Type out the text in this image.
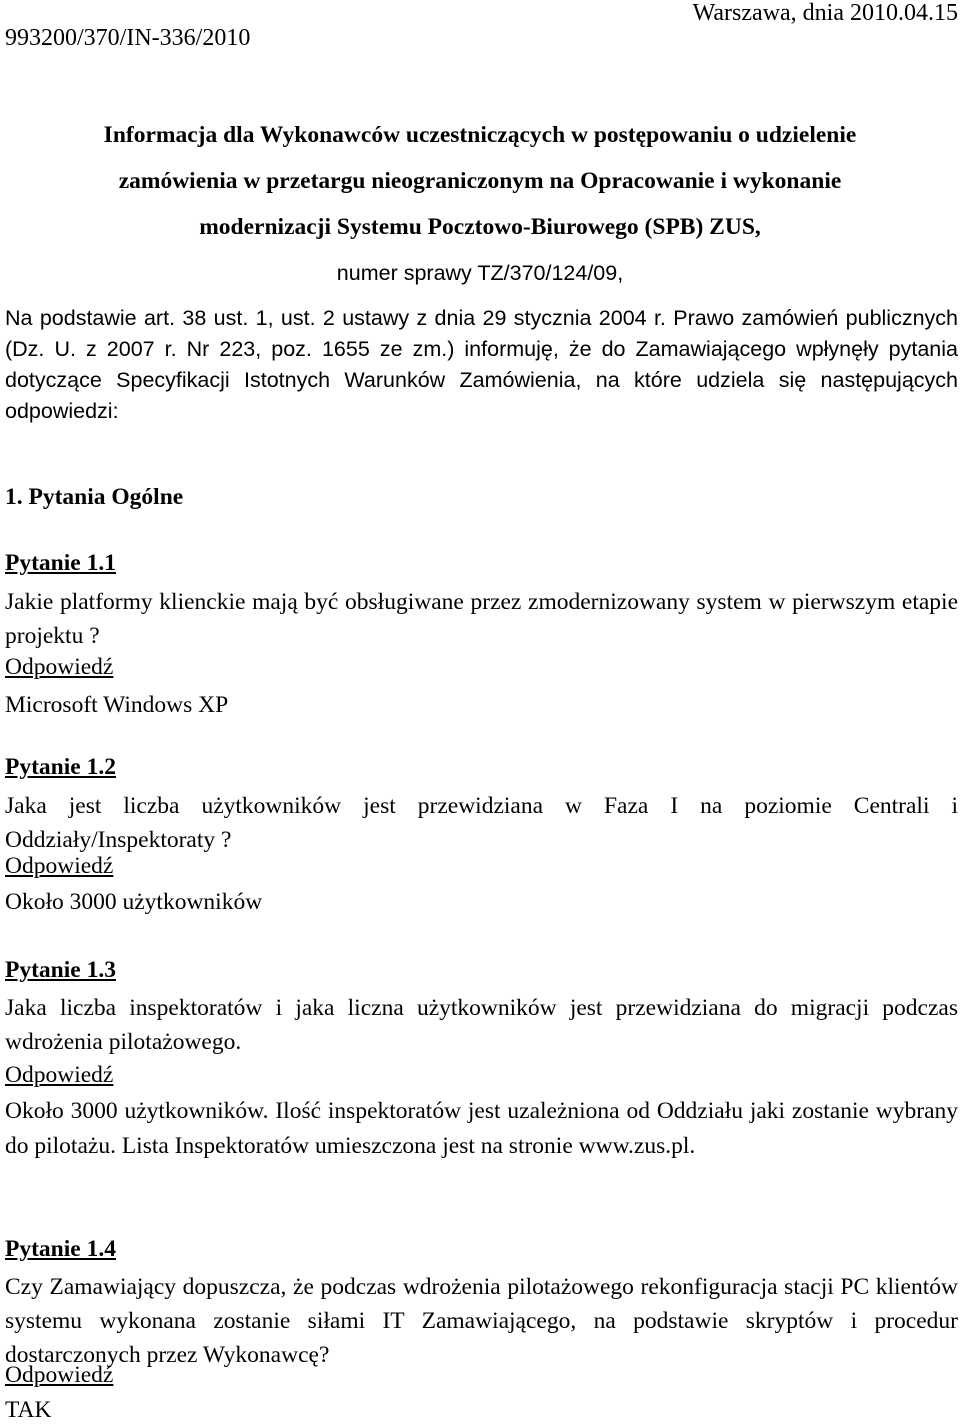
993200/370/IN-336/2010
Warszawa, dnia 2010.04.15
Informacja dla Wykonawców uczestniczących w postępowaniu o udzielenie
zamówienia w przetargu nieograniczonym na Opracowanie i wykonanie
modernizacji Systemu Pocztowo-Biurowego (SPB) ZUS,
numer sprawy TZ/370/124/09,
Na podstawie art. 38 ust. 1, ust. 2 ustawy z dnia 29 stycznia 2004 r. Prawo zamówień publicznych (Dz. U. z 2007 r. Nr 223, poz. 1655 ze zm.) informuję, że do Zamawiającego wpłynęły pytania dotyczące Specyfikacji Istotnych Warunków Zamówienia, na które udziela się następujących odpowiedzi:
1. Pytania Ogólne
Pytanie 1.1
Jakie platformy klienckie mają być obsługiwane przez zmodernizowany system w pierwszym etapie projektu ?
Odpowiedź
Microsoft Windows XP
Pytanie 1.2
Jaka jest liczba użytkowników jest przewidziana w Faza I na poziomie Centrali i Oddziały/Inspektoraty ?
Odpowiedź
Około 3000 użytkowników
Pytanie 1.3
Jaka liczba inspektoratów i jaka liczna użytkowników jest przewidziana do migracji podczas wdrożenia pilotażowego.
Odpowiedź
Około 3000 użytkowników. Ilość inspektoratów jest uzależniona od Oddziału jaki zostanie wybrany do pilotażu. Lista Inspektoratów umieszczona jest na stronie www.zus.pl.
Pytanie 1.4
Czy Zamawiający dopuszcza, że podczas wdrożenia pilotażowego rekonfiguracja stacji PC klientów systemu wykonana zostanie siłami IT Zamawiającego, na podstawie skryptów i procedur dostarczonych przez Wykonawcę?
Odpowiedź
TAK
